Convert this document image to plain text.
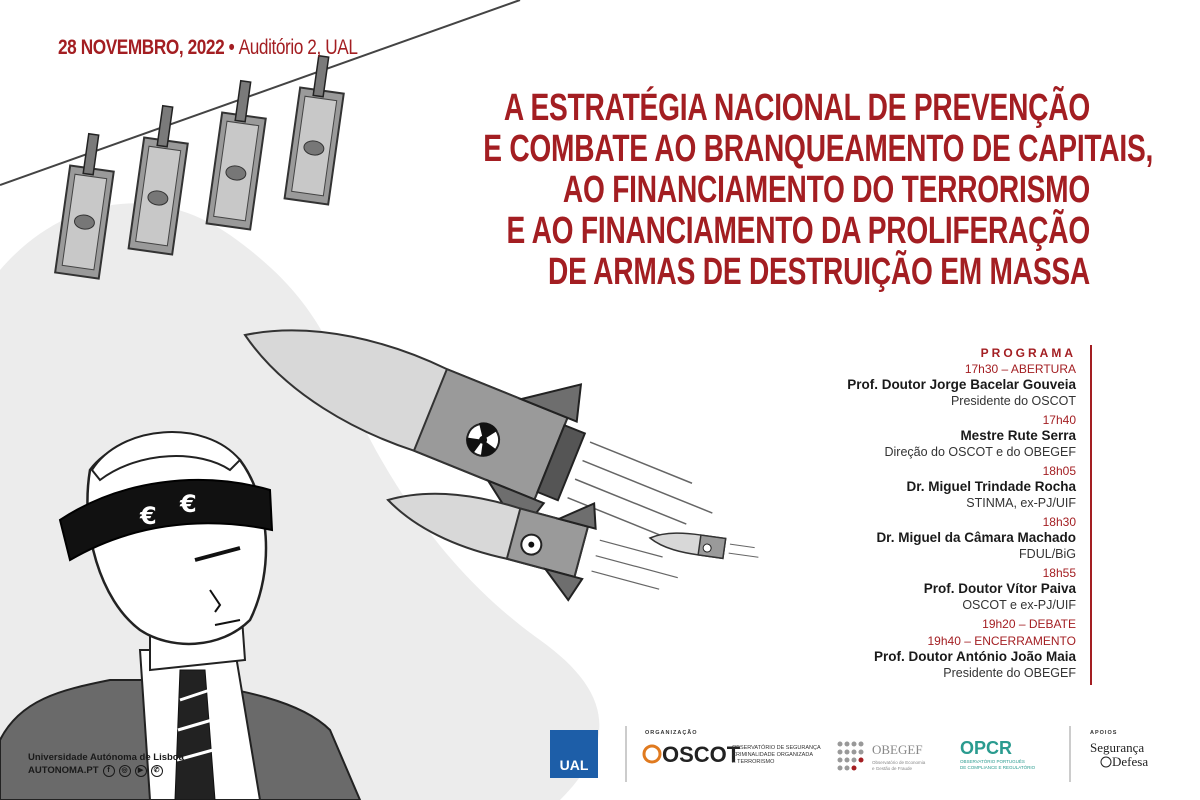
€ €
28 NOVEMBRO, 2022 • Auditório 2, UAL
A ESTRATÉGIA NACIONAL DE PREVENÇÃO
E COMBATE AO BRANQUEAMENTO DE CAPITAIS,
AO FINANCIAMENTO DO TERRORISMO
E AO FINANCIAMENTO DA PROLIFERAÇÃO
DE ARMAS DE DESTRUIÇÃO EM MASSA
PROGRAMA
17h30 – ABERTURA
Prof. Doutor Jorge Bacelar Gouveia
Presidente do OSCOT
17h40
Mestre Rute Serra
Direção do OSCOT e do OBEGEF
18h05
Dr. Miguel Trindade Rocha
STINMA, ex-PJ/UIF
18h30
Dr. Miguel da Câmara Machado
FDUL/BiG
18h55
Prof. Doutor Vítor Paiva
OSCOT e ex-PJ/UIF
19h20 – DEBATE
19h40 – ENCERRAMENTO
Prof. Doutor António João Maia
Presidente do OBEGEF
Universidade Autónoma de Lisboa
AUTONOMA.PT	f	◎	▶	✆	UAL
ORGANIZAÇÃO
OSCOT
OBSERVATÓRIO DE SEGURANÇA
CRIMINALIDADE ORGANIZADA
E TERRORISMO
OBEGEF
Observatório de Economia
e Gestão de Fraude
OPCR
OBSERVATÓRIO PORTUGUÊS
DE COMPLIANCE E REGULATÓRIO
APOIOS
Segurança
Defesa
